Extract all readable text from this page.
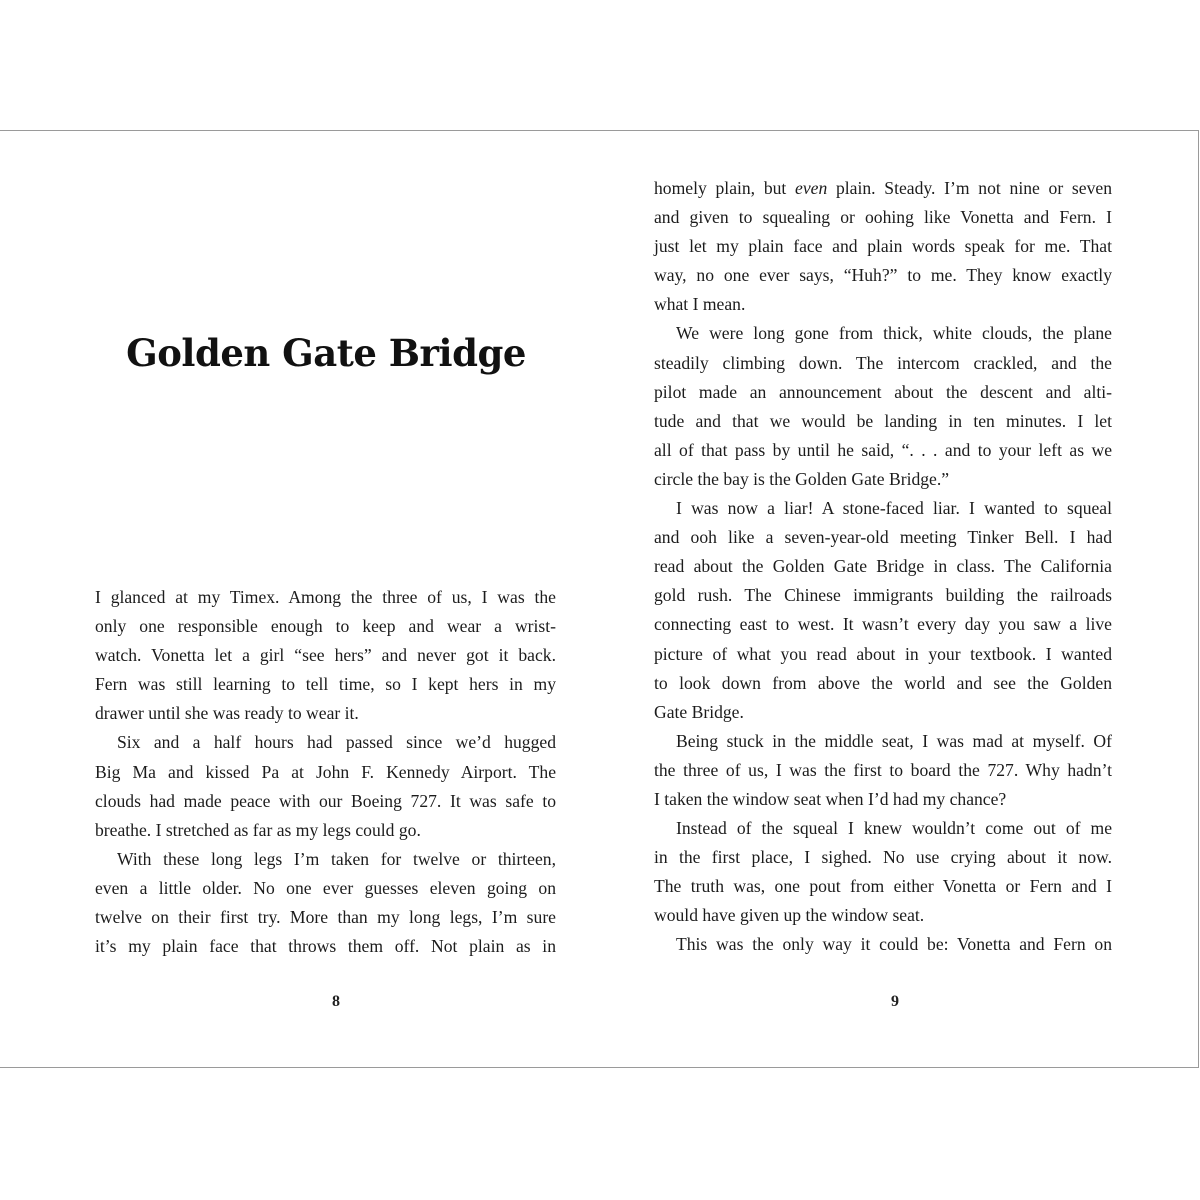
Golden Gate Bridge
I glanced at my Timex. Among the three of us, I was the
only one responsible enough to keep and wear a wrist-
watch. Vonetta let a girl “see hers” and never got it back.
Fern was still learning to tell time, so I kept hers in my
drawer until she was ready to wear it.
Six and a half hours had passed since we’d hugged
Big Ma and kissed Pa at John F. Kennedy Airport. The
clouds had made peace with our Boeing 727. It was safe to
breathe. I stretched as far as my legs could go.
With these long legs I’m taken for twelve or thirteen,
even a little older. No one ever guesses eleven going on
twelve on their first try. More than my long legs, I’m sure
it’s my plain face that throws them off. Not plain as in
8
homely plain, but even plain. Steady. I’m not nine or seven
and given to squealing or oohing like Vonetta and Fern. I
just let my plain face and plain words speak for me. That
way, no one ever says, “Huh?” to me. They know exactly
what I mean.
We were long gone from thick, white clouds, the plane
steadily climbing down. The intercom crackled, and the
pilot made an announcement about the descent and alti-
tude and that we would be landing in ten minutes. I let
all of that pass by until he said, “. . . and to your left as we
circle the bay is the Golden Gate Bridge.”
I was now a liar! A stone-faced liar. I wanted to squeal
and ooh like a seven-year-old meeting Tinker Bell. I had
read about the Golden Gate Bridge in class. The California
gold rush. The Chinese immigrants building the railroads
connecting east to west. It wasn’t every day you saw a live
picture of what you read about in your textbook. I wanted
to look down from above the world and see the Golden
Gate Bridge.
Being stuck in the middle seat, I was mad at myself. Of
the three of us, I was the first to board the 727. Why hadn’t
I taken the window seat when I’d had my chance?
Instead of the squeal I knew wouldn’t come out of me
in the first place, I sighed. No use crying about it now.
The truth was, one pout from either Vonetta or Fern and I
would have given up the window seat.
This was the only way it could be: Vonetta and Fern on
9
